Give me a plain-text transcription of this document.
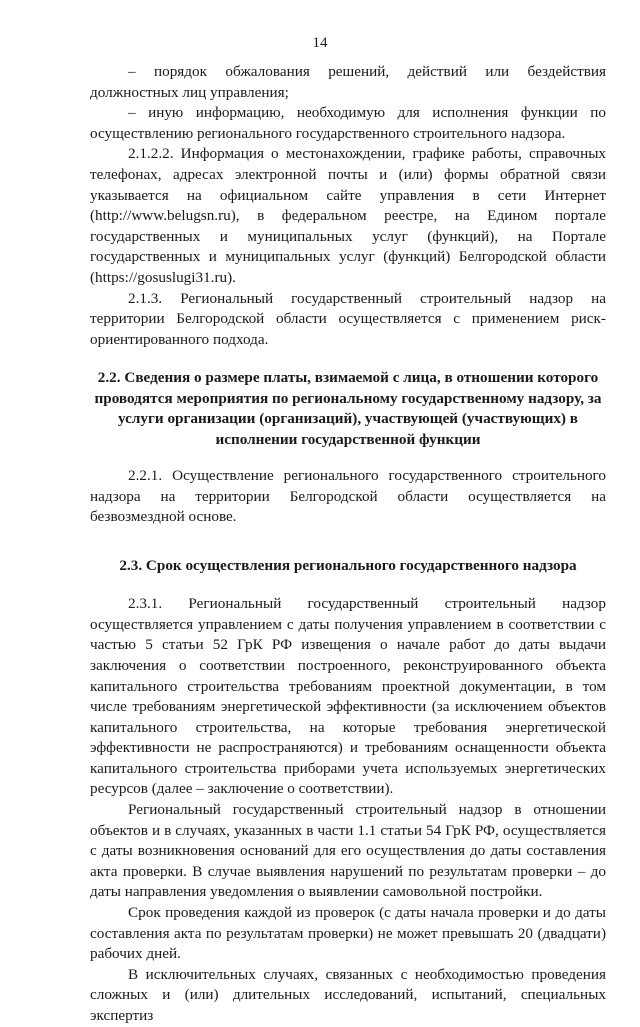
14

– порядок обжалования решений, действий или бездействия должностных лиц управления;

– иную информацию, необходимую для исполнения функции по осуществлению регионального государственного строительного надзора.

2.1.2.2. Информация о местонахождении, графике работы, справочных телефонах, адресах электронной почты и (или) формы обратной связи указывается на официальном сайте управления в сети Интернет (http://www.belugsn.ru), в федеральном реестре, на Едином портале государственных и муниципальных услуг (функций), на Портале государственных и муниципальных услуг (функций) Белгородской области (https://gosuslugi31.ru).

2.1.3. Региональный государственный строительный надзор на территории Белгородской области осуществляется с применением риск-ориентированного подхода.

2.2. Сведения о размере платы, взимаемой с лица, в отношении которого проводятся мероприятия по региональному государственному надзору, за услуги организации (организаций), участвующей (участвующих) в исполнении государственной функции

2.2.1. Осуществление регионального государственного строительного надзора на территории Белгородской области осуществляется на безвозмездной основе.

2.3. Срок осуществления регионального государственного надзора

2.3.1. Региональный государственный строительный надзор осуществляется управлением с даты получения управлением в соответствии с частью 5 статьи 52 ГрК РФ извещения о начале работ до даты выдачи заключения о соответствии построенного, реконструированного объекта капитального строительства требованиям проектной документации, в том числе требованиям энергетической эффективности (за исключением объектов капитального строительства, на которые требования энергетической эффективности не распространяются) и требованиям оснащенности объекта капитального строительства приборами учета используемых энергетических ресурсов (далее – заключение о соответствии).

Региональный государственный строительный надзор в отношении объектов и в случаях, указанных в части 1.1 статьи 54 ГрК РФ, осуществляется с даты возникновения оснований для его осуществления до даты составления акта проверки. В случае выявления нарушений по результатам проверки – до даты направления уведомления о выявлении самовольной постройки.

Срок проведения каждой из проверок (с даты начала проверки и до даты составления акта по результатам проверки) не может превышать 20 (двадцати) рабочих дней.

В исключительных случаях, связанных с необходимостью проведения сложных и (или) длительных исследований, испытаний, специальных экспертиз
